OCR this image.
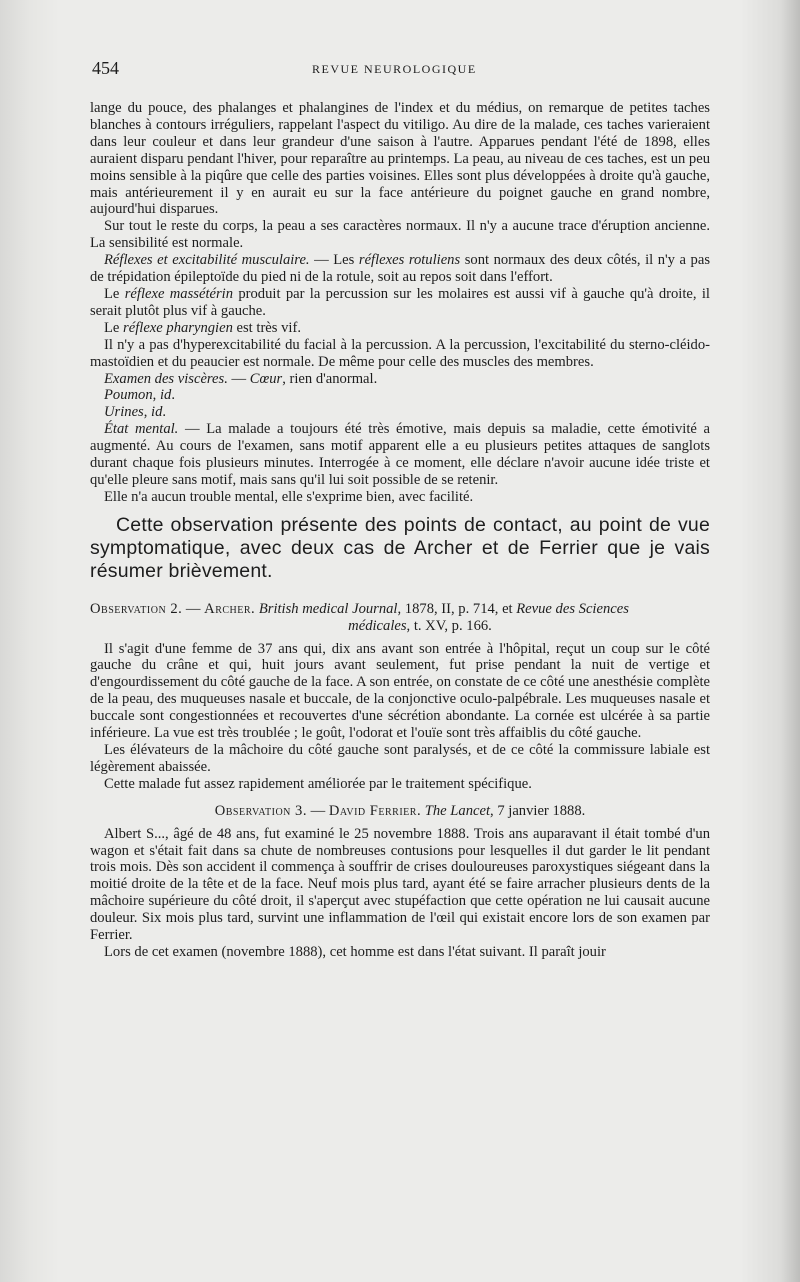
454	REVUE NEUROLOGIQUE

lange du pouce, des phalanges et phalangines de l'index et du médius, on remarque de petites taches blanches à contours irréguliers, rappelant l'aspect du vitiligo. Au dire de la malade, ces taches varieraient dans leur couleur et dans leur grandeur d'une saison à l'autre. Apparues pendant l'été de 1898, elles auraient disparu pendant l'hiver, pour reparaître au printemps. La peau, au niveau de ces taches, est un peu moins sensible à la piqûre que celle des parties voisines. Elles sont plus développées à droite qu'à gauche, mais antérieurement il y en aurait eu sur la face antérieure du poignet gauche en grand nombre, aujourd'hui disparues.

Sur tout le reste du corps, la peau a ses caractères normaux. Il n'y a aucune trace d'éruption ancienne. La sensibilité est normale.

Réflexes et excitabilité musculaire. — Les réflexes rotuliens sont normaux des deux côtés, il n'y a pas de trépidation épileptoïde du pied ni de la rotule, soit au repos soit dans l'effort.

Le réflexe massétérin produit par la percussion sur les molaires est aussi vif à gauche qu'à droite, il serait plutôt plus vif à gauche.

Le réflexe pharyngien est très vif.

Il n'y a pas d'hyperexcitabilité du facial à la percussion. A la percussion, l'excitabilité du sterno-cléido-mastoïdien et du peaucier est normale. De même pour celle des muscles des membres.

Examen des viscères. — Cœur, rien d'anormal.

Poumon, id.

Urines, id.

État mental. — La malade a toujours été très émotive, mais depuis sa maladie, cette émotivité a augmenté. Au cours de l'examen, sans motif apparent elle a eu plusieurs petites attaques de sanglots durant chaque fois plusieurs minutes. Interrogée à ce moment, elle déclare n'avoir aucune idée triste et qu'elle pleure sans motif, mais sans qu'il lui soit possible de se retenir.

Elle n'a aucun trouble mental, elle s'exprime bien, avec facilité.

Cette observation présente des points de contact, au point de vue symptomatique, avec deux cas de Archer et de Ferrier que je vais résumer brièvement.

Observation 2. — Archer. British medical Journal, 1878, II, p. 714, et Revue des Sciences
médicales, t. XV, p. 166.

Il s'agit d'une femme de 37 ans qui, dix ans avant son entrée à l'hôpital, reçut un coup sur le côté gauche du crâne et qui, huit jours avant seulement, fut prise pendant la nuit de vertige et d'engourdissement du côté gauche de la face. A son entrée, on constate de ce côté une anesthésie complète de la peau, des muqueuses nasale et buccale, de la conjonctive oculo-palpébrale. Les muqueuses nasale et buccale sont congestionnées et recouvertes d'une sécrétion abondante. La cornée est ulcérée à sa partie inférieure. La vue est très troublée ; le goût, l'odorat et l'ouïe sont très affaiblis du côté gauche.

Les élévateurs de la mâchoire du côté gauche sont paralysés, et de ce côté la commissure labiale est légèrement abaissée.

Cette malade fut assez rapidement améliorée par le traitement spécifique.

Observation 3. — David Ferrier. The Lancet, 7 janvier 1888.

Albert S..., âgé de 48 ans, fut examiné le 25 novembre 1888. Trois ans auparavant il était tombé d'un wagon et s'était fait dans sa chute de nombreuses contusions pour lesquelles il dut garder le lit pendant trois mois. Dès son accident il commença à souffrir de crises douloureuses paroxystiques siégeant dans la moitié droite de la tête et de la face. Neuf mois plus tard, ayant été se faire arracher plusieurs dents de la mâchoire supérieure du côté droit, il s'aperçut avec stupéfaction que cette opération ne lui causait aucune douleur. Six mois plus tard, survint une inflammation de l'œil qui existait encore lors de son examen par Ferrier.

Lors de cet examen (novembre 1888), cet homme est dans l'état suivant. Il paraît jouir
